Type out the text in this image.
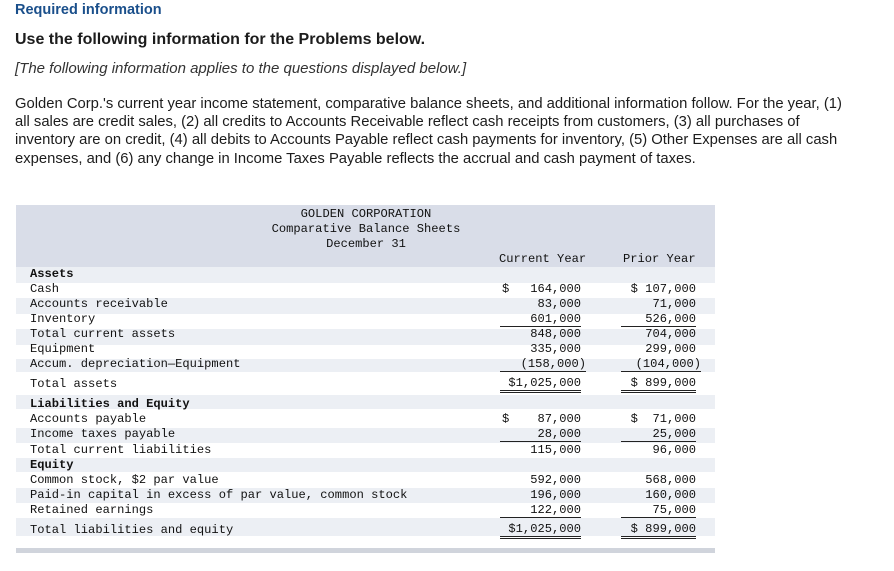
Required information
Use the following information for the Problems below.
[The following information applies to the questions displayed below.]
Golden Corp.'s current year income statement, comparative balance sheets, and additional information follow. For the year, (1) all sales are credit sales, (2) all credits to Accounts Receivable reflect cash receipts from customers, (3) all purchases of inventory are on credit, (4) all debits to Accounts Payable reflect cash payments for inventory, (5) Other Expenses are all cash expenses, and (6) any change in Income Taxes Payable reflects the accrual and cash payment of taxes.
GOLDEN CORPORATION
Comparative Balance Sheets
December 31
Current Year	Prior Year
Assets
Cash	$	164,000	$ 107,000
Accounts receivable	83,000	71,000
Inventory	601,000	526,000
Total current assets	848,000	704,000
Equipment	335,000	299,000
Accum. depreciation—Equipment	(158,000)	(104,000)
Total assets	$1,025,000	$ 899,000
Liabilities and Equity
Accounts payable	$	87,000	$  71,000
Income taxes payable	28,000	25,000
Total current liabilities	115,000	96,000
Equity
Common stock, $2 par value	592,000	568,000
Paid-in capital in excess of par value, common stock	196,000	160,000
Retained earnings	122,000	75,000
Total liabilities and equity	$1,025,000	$ 899,000
